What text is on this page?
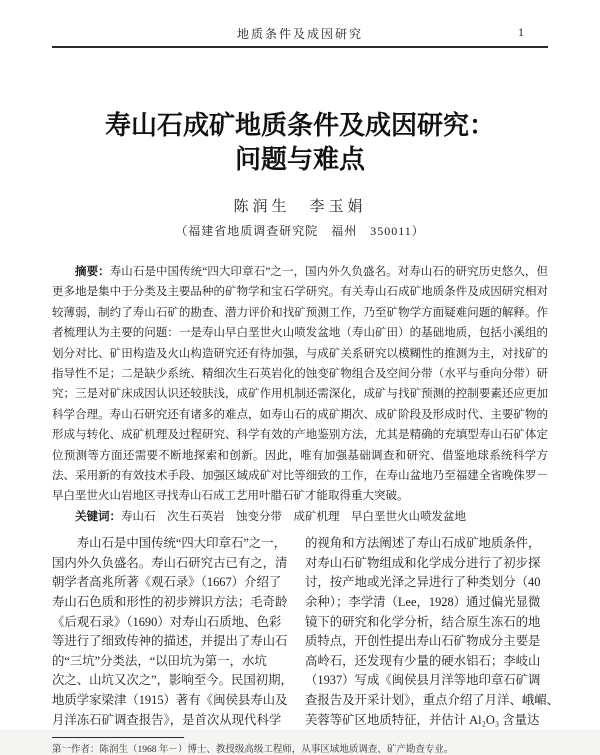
地质条件及成因研究	1
寿山石成矿地质条件及成因研究：
问题与难点
陈润生　李玉娟
（福建省地质调查研究院　福州　350011）

摘要：寿山石是中国传统“四大印章石”之一，国内外久负盛名。对寿山石的研究历史悠久，但更多地是集中于分类及主要品种的矿物学和宝石学研究。有关寿山石成矿地质条件及成因研究相对较薄弱，制约了寿山石矿的勘查、潜力评价和找矿预测工作，乃至矿物学方面疑难问题的解释。作者梳理认为主要的问题：一是寿山早白垩世火山喷发盆地（寿山矿田）的基础地质，包括小溪组的划分对比、矿田构造及火山构造研究还有待加强，与成矿关系研究以模糊性的推测为主，对找矿的指导性不足；二是缺少系统、精细次生石英岩化的蚀变矿物组合及空间分带（水平与垂向分带）研究；三是对矿床成因认识还较肤浅，成矿作用机制还需深化，成矿与找矿预测的控制要素还应更加科学合理。寿山石研究还有诸多的难点，如寿山石的成矿期次、成矿阶段及形成时代、主要矿物的形成与转化、成矿机理及过程研究、科学有效的产地鉴别方法，尤其是精确的充填型寿山石矿体定位预测等方面还需要不断地探索和创新。因此，唯有加强基础调查和研究、借鉴地球系统科学方法、采用新的有效技术手段、加强区域成矿对比等细致的工作，在寿山盆地乃至福建全省晚侏罗－早白垩世火山岩地区寻找寿山石成工艺用叶腊石矿才能取得重大突破。

关键词：寿山石　次生石英岩　蚀变分带　成矿机理　早白垩世火山喷发盆地

　　寿山石是中国传统“四大印章石”之一，
国内外久负盛名。寿山石研究古已有之，清
朝学者高兆所著《观石录》（1667）介绍了
寿山石色质和形性的初步辨识方法；毛奇龄
《后观石录》（1690）对寿山石质地、色彩
等进行了细致传神的描述，并提出了寿山石
的“三坑”分类法，“以田坑为第一，水坑
次之、山坑又次之”，影响至今。民国初期，
地质学家梁津（1915）著有《闽侯县寿山及
月洋冻石矿调查报告》，是首次从现代科学
的视角和方法阐述了寿山石成矿地质条件，
对寿山石矿物组成和化学成分进行了初步探
讨，按产地或光泽之异进行了种类划分（40
余种）；李学清（Lee，1928）通过偏光显微
镜下的研究和化学分析，结合原生冻石的地
质特点，开创性提出寿山石矿物成分主要是
高岭石，还发现有少量的硬水铝石；李岐山
（1937）写成《闽侯县月洋等地印章石矿调
查报告及开采计划》，重点介绍了月洋、峨嵋、
芙蓉等矿区地质特征，并估计 Al₂O₃ 含量达
第一作者：陈润生（1968 年－）博士、教授级高级工程师，从事区域地质调查、矿产勘查专业。
